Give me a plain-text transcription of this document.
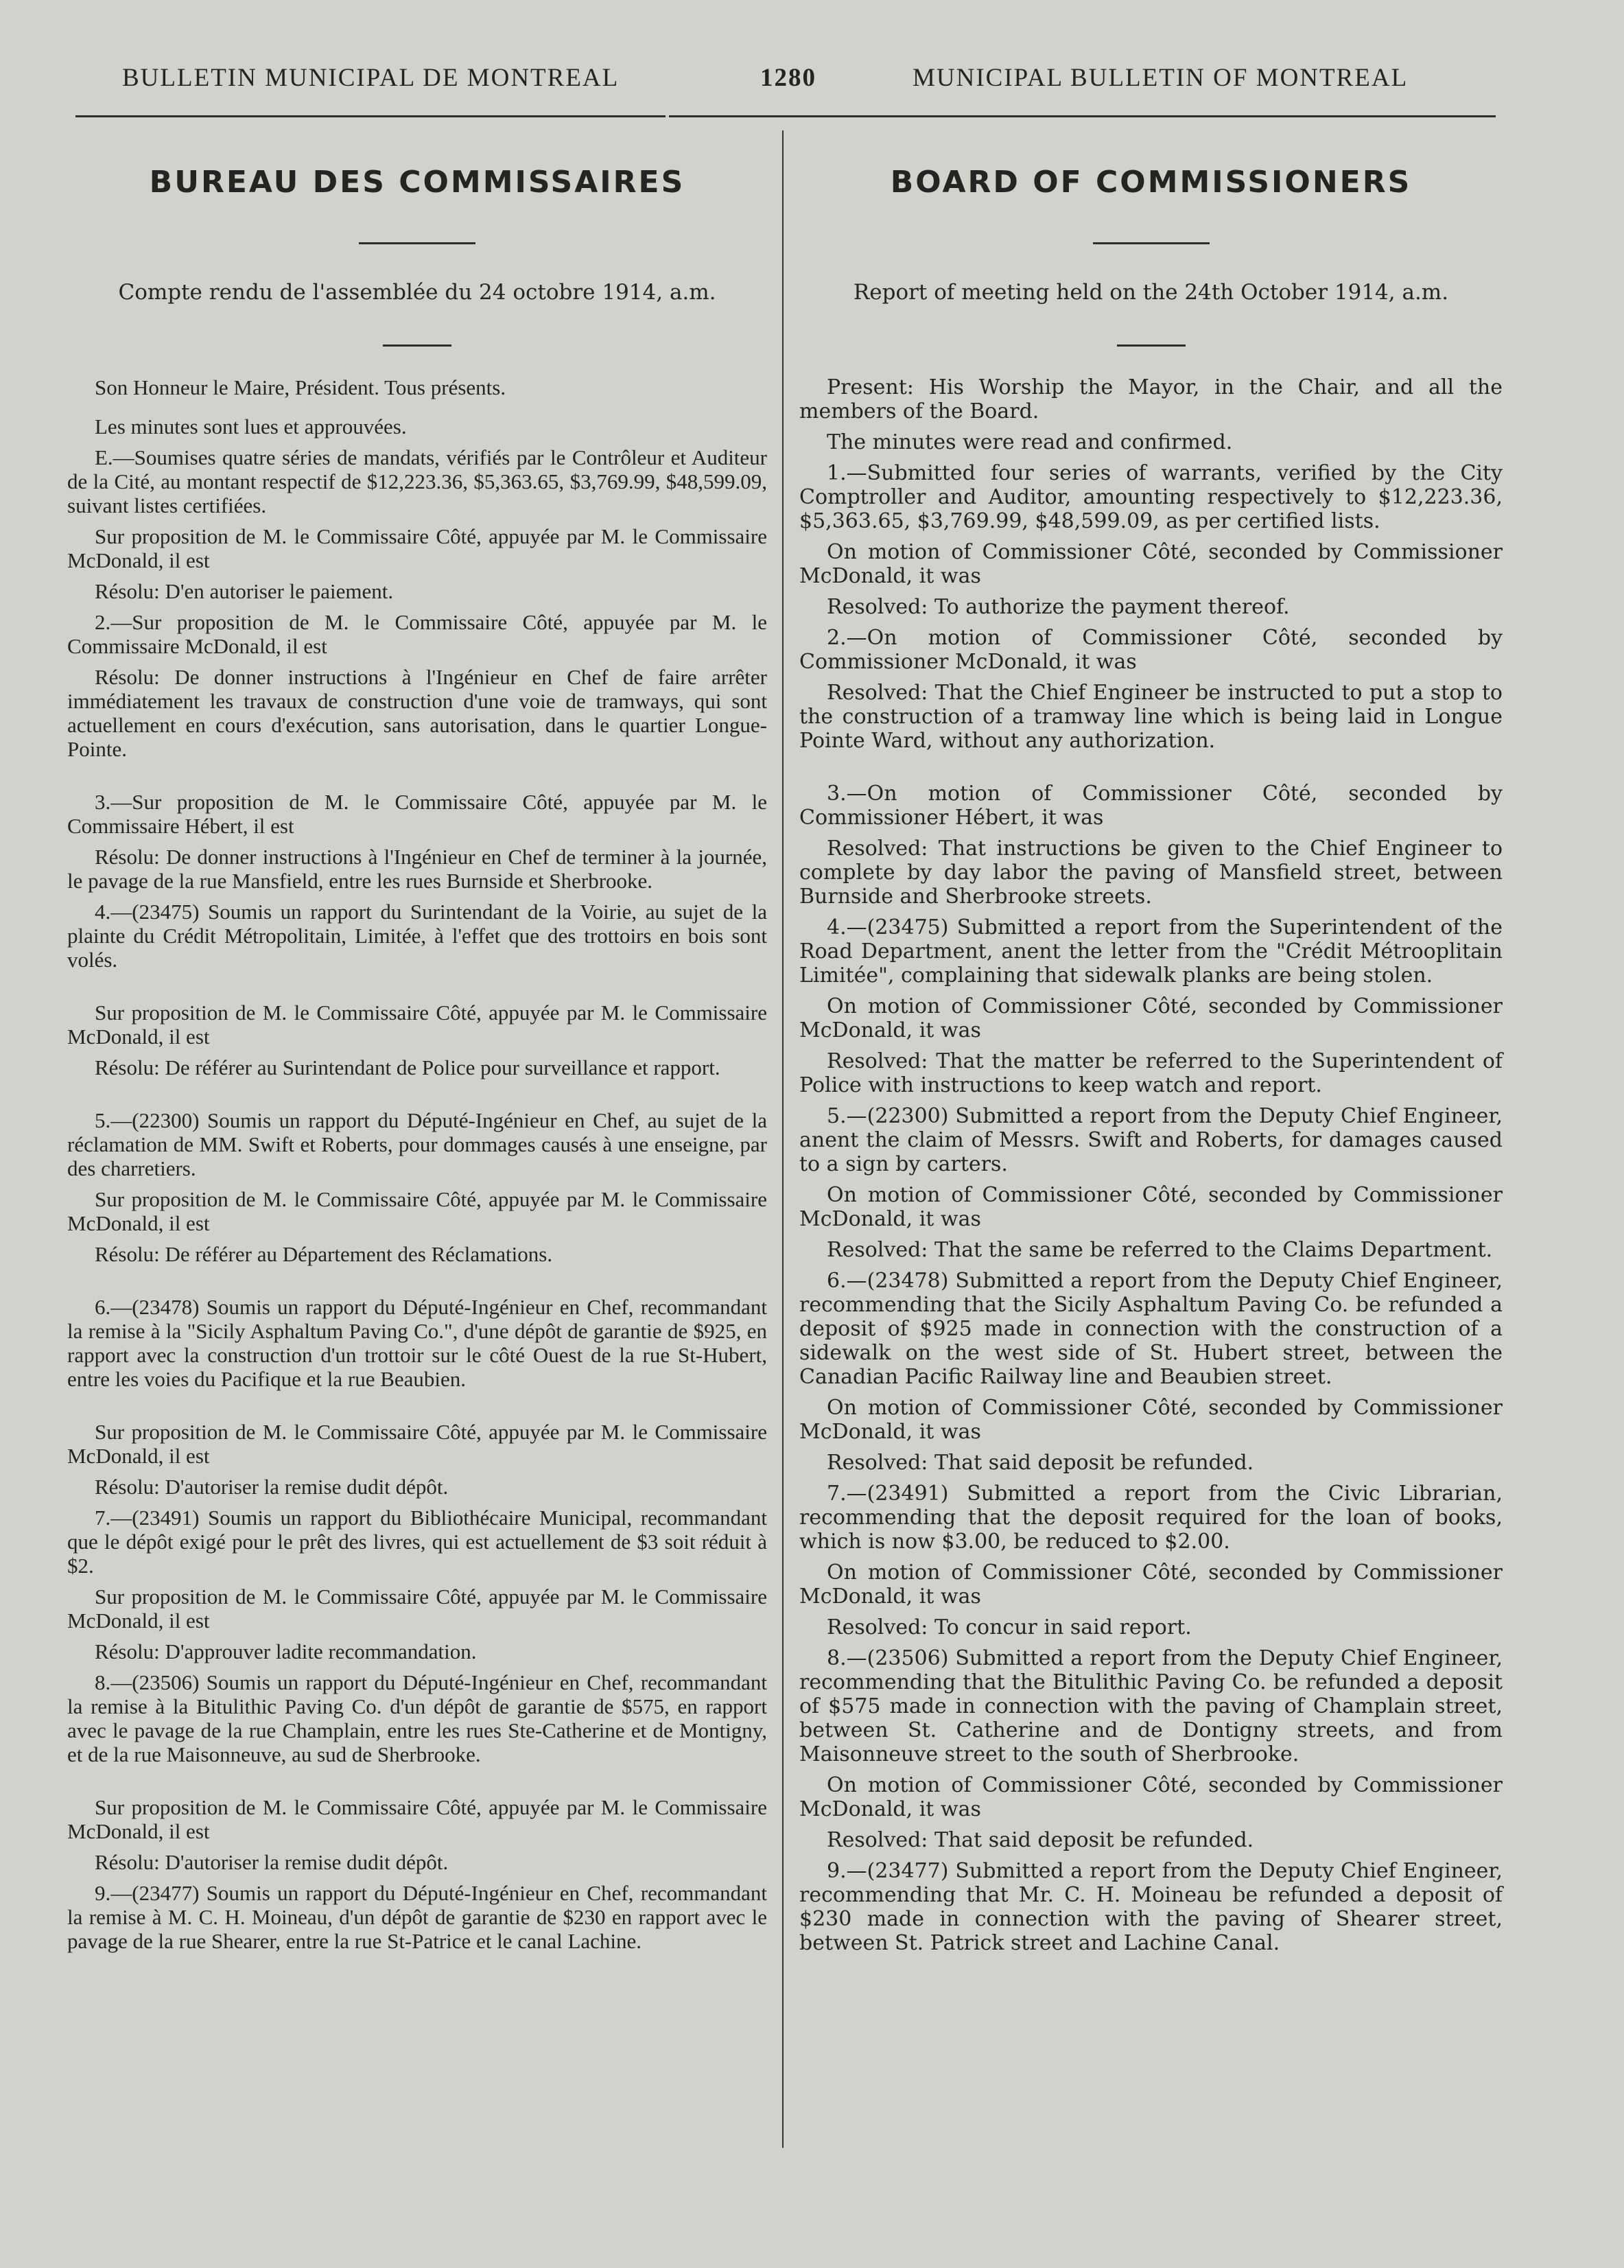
BULLETIN MUNICIPAL DE MONTREAL	1280	MUNICIPAL BULLETIN OF MONTREAL
BUREAU DES COMMISSAIRES
Compte rendu de l'assemblée du 24 octobre 1914, a.m.

Son Honneur le Maire, Président. Tous présents.

Les minutes sont lues et approuvées.

E.—Soumises quatre séries de mandats, vérifiés par le Contrôleur et Auditeur de la Cité, au montant respectif de $12,223.36, $5,363.65, $3,769.99, $48,599.09, suivant listes certifiées.

Sur proposition de M. le Commissaire Côté, appuyée par M. le Commissaire McDonald, il est

Résolu: D'en autoriser le paiement.

2.—Sur proposition de M. le Commissaire Côté, appuyée par M. le Commissaire McDonald, il est

Résolu: De donner instructions à l'Ingénieur en Chef de faire arrêter immédiatement les travaux de construction d'une voie de tramways, qui sont actuellement en cours d'exécution, sans autorisation, dans le quartier Longue-Pointe.

3.—Sur proposition de M. le Commissaire Côté, appuyée par M. le Commissaire Hébert, il est

Résolu: De donner instructions à l'Ingénieur en Chef de terminer à la journée, le pavage de la rue Mansfield, entre les rues Burnside et Sherbrooke.

4.—(23475) Soumis un rapport du Surintendant de la Voirie, au sujet de la plainte du Crédit Métropolitain, Limitée, à l'effet que des trottoirs en bois sont volés.

Sur proposition de M. le Commissaire Côté, appuyée par M. le Commissaire McDonald, il est

Résolu: De référer au Surintendant de Police pour surveillance et rapport.

5.—(22300) Soumis un rapport du Député-Ingénieur en Chef, au sujet de la réclamation de MM. Swift et Roberts, pour dommages causés à une enseigne, par des charretiers.

Sur proposition de M. le Commissaire Côté, appuyée par M. le Commissaire McDonald, il est

Résolu: De référer au Département des Réclamations.

6.—(23478) Soumis un rapport du Député-Ingénieur en Chef, recommandant la remise à la "Sicily Asphaltum Paving Co.", d'une dépôt de garantie de $925, en rapport avec la construction d'un trottoir sur le côté Ouest de la rue St-Hubert, entre les voies du Pacifique et la rue Beaubien.

Sur proposition de M. le Commissaire Côté, appuyée par M. le Commissaire McDonald, il est

Résolu: D'autoriser la remise dudit dépôt.

7.—(23491) Soumis un rapport du Bibliothécaire Municipal, recommandant que le dépôt exigé pour le prêt des livres, qui est actuellement de $3 soit réduit à $2.

Sur proposition de M. le Commissaire Côté, appuyée par M. le Commissaire McDonald, il est

Résolu: D'approuver ladite recommandation.

8.—(23506) Soumis un rapport du Député-Ingénieur en Chef, recommandant la remise à la Bitulithic Paving Co. d'un dépôt de garantie de $575, en rapport avec le pavage de la rue Champlain, entre les rues Ste-Catherine et de Montigny, et de la rue Maisonneuve, au sud de Sherbrooke.

Sur proposition de M. le Commissaire Côté, appuyée par M. le Commissaire McDonald, il est

Résolu: D'autoriser la remise dudit dépôt.

9.—(23477) Soumis un rapport du Député-Ingénieur en Chef, recommandant la remise à M. C. H. Moineau, d'un dépôt de garantie de $230 en rapport avec le pavage de la rue Shearer, entre la rue St-Patrice et le canal Lachine.

BOARD OF COMMISSIONERS
Report of meeting held on the 24th October 1914, a.m.

Present: His Worship the Mayor, in the Chair, and all the members of the Board.

The minutes were read and confirmed.

1.—Submitted four series of warrants, verified by the City Comptroller and Auditor, amounting respectively to $12,223.36, $5,363.65, $3,769.99, $48,599.09, as per certified lists.

On motion of Commissioner Côté, seconded by Commissioner McDonald, it was

Resolved: To authorize the payment thereof.

2.—On motion of Commissioner Côté, seconded by Commissioner McDonald, it was

Resolved: That the Chief Engineer be instructed to put a stop to the construction of a tramway line which is being laid in Longue Pointe Ward, without any authorization.

3.—On motion of Commissioner Côté, seconded by Commissioner Hébert, it was

Resolved: That instructions be given to the Chief Engineer to complete by day labor the paving of Mansfield street, between Burnside and Sherbrooke streets.

4.—(23475) Submitted a report from the Superintendent of the Road Department, anent the letter from the "Crédit Métrooplitain Limitée", complaining that sidewalk planks are being stolen.

On motion of Commissioner Côté, seconded by Commissioner McDonald, it was

Resolved: That the matter be referred to the Superintendent of Police with instructions to keep watch and report.

5.—(22300) Submitted a report from the Deputy Chief Engineer, anent the claim of Messrs. Swift and Roberts, for damages caused to a sign by carters.

On motion of Commissioner Côté, seconded by Commissioner McDonald, it was

Resolved: That the same be referred to the Claims Department.

6.—(23478) Submitted a report from the Deputy Chief Engineer, recommending that the Sicily Asphaltum Paving Co. be refunded a deposit of $925 made in connection with the construction of a sidewalk on the west side of St. Hubert street, between the Canadian Pacific Railway line and Beaubien street.

On motion of Commissioner Côté, seconded by Commissioner McDonald, it was

Resolved: That said deposit be refunded.

7.—(23491) Submitted a report from the Civic Librarian, recommending that the deposit required for the loan of books, which is now $3.00, be reduced to $2.00.

On motion of Commissioner Côté, seconded by Commissioner McDonald, it was

Resolved: To concur in said report.

8.—(23506) Submitted a report from the Deputy Chief Engineer, recommending that the Bitulithic Paving Co. be refunded a deposit of $575 made in connection with the paving of Champlain street, between St. Catherine and de Dontigny streets, and from Maisonneuve street to the south of Sherbrooke.

On motion of Commissioner Côté, seconded by Commissioner McDonald, it was

Resolved: That said deposit be refunded.

9.—(23477) Submitted a report from the Deputy Chief Engineer, recommending that Mr. C. H. Moineau be refunded a deposit of $230 made in connection with the paving of Shearer street, between St. Patrick street and Lachine Canal.
